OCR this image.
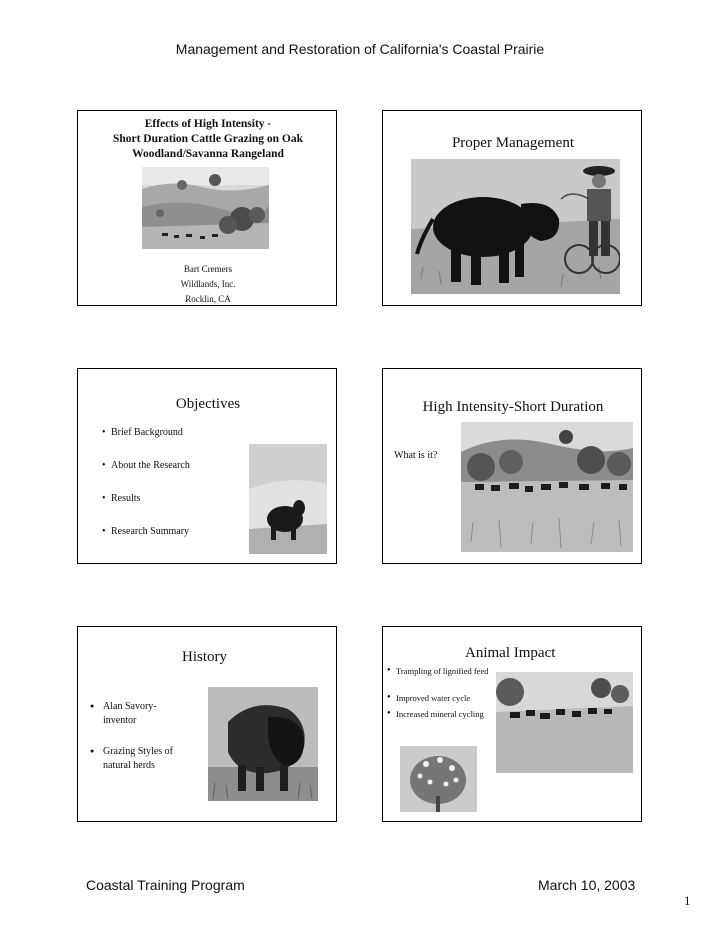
Management and Restoration of California's Coastal Prairie
Effects of High Intensity -
Short Duration Cattle Grazing on Oak
Woodland/Savanna Rangeland
Bart Cremers
Wildlands, Inc.
Rocklin, CA
Proper Management
Objectives
• Brief Background
• About the Research
• Results
• Research Summary
High Intensity-Short Duration
What is it?
History
● Alan Savory- inventor
● Grazing Styles of natural herds
Animal Impact
● Trampling of lignified feed
● Improved water cycle
● Increased mineral cycling
Coastal Training Program	March 10, 2003
1
